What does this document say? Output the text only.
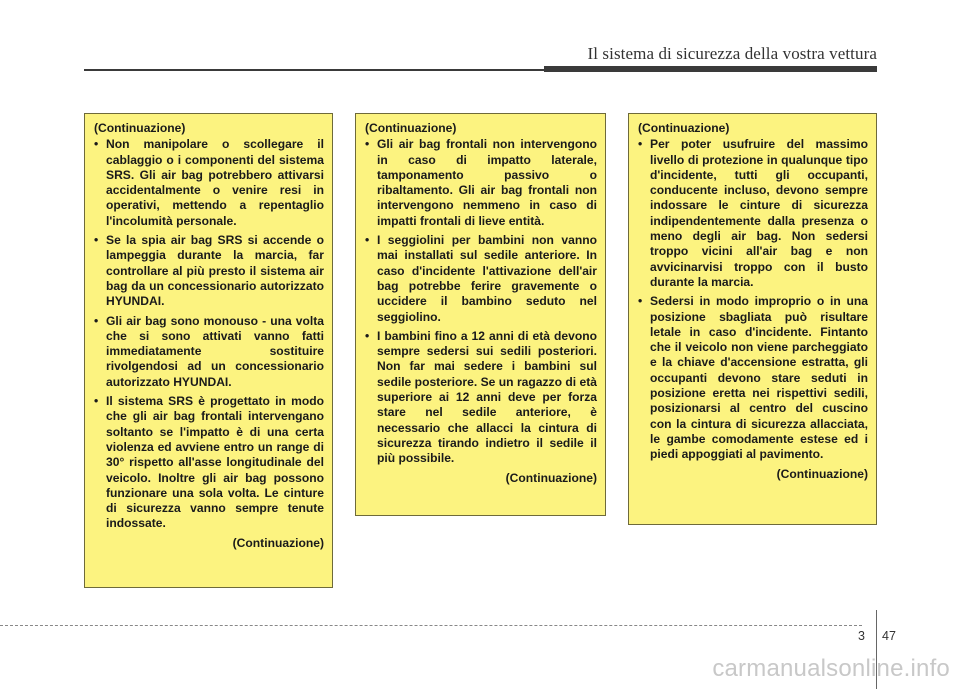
Il sistema di sicurezza della vostra vettura
(Continuazione)
• Non manipolare o scollegare il cablaggio o i componenti del sistema SRS. Gli air bag potrebbero attivarsi accidentalmente o venire resi in operativi, mettendo a repentaglio l'incolumità personale.
• Se la spia air bag SRS si accende o lampeggia durante la marcia, far controllare al più presto il sistema air bag da un concessionario autorizzato HYUNDAI.
• Gli air bag sono monouso - una volta che si sono attivati vanno fatti immediatamente sostituire rivolgendosi ad un concessionario autorizzato HYUNDAI.
• Il sistema SRS è progettato in modo che gli air bag frontali intervengano soltanto se l'impatto è di una certa violenza ed avviene entro un range di 30° rispetto all'asse longitudinale del veicolo. Inoltre gli air bag possono funzionare una sola volta. Le cinture di sicurezza vanno sempre tenute indossate.
(Continuazione)
(Continuazione)
• Gli air bag frontali non intervengono in caso di impatto laterale, tamponamento passivo o ribaltamento. Gli air bag frontali non intervengono nemmeno in caso di impatti frontali di lieve entità.
• I seggiolini per bambini non vanno mai installati sul sedile anteriore. In caso d'incidente l'attivazione dell'air bag potrebbe ferire gravemente o uccidere il bambino seduto nel seggiolino.
• I bambini fino a 12 anni di età devono sempre sedersi sui sedili posteriori. Non far mai sedere i bambini sul sedile posteriore. Se un ragazzo di età superiore ai 12 anni deve per forza stare nel sedile anteriore, è necessario che allacci la cintura di sicurezza tirando indietro il sedile il più possibile.
(Continuazione)
(Continuazione)
• Per poter usufruire del massimo livello di protezione in qualunque tipo d'incidente, tutti gli occupanti, conducente incluso, devono sempre indossare le cinture di sicurezza indipendentemente dalla presenza o meno degli air bag. Non sedersi troppo vicini all'air bag e non avvicinarvisi troppo con il busto durante la marcia.
• Sedersi in modo improprio o in una posizione sbagliata può risultare letale in caso d'incidente. Fintanto che il veicolo non viene parcheggiato e la chiave d'accensione estratta, gli occupanti devono stare seduti in posizione eretta nei rispettivi sedili, posizionarsi al centro del cuscino con la cintura di sicurezza allacciata, le gambe comodamente estese ed i piedi appoggiati al pavimento.
(Continuazione)
3 47
carmanualsonline.info
